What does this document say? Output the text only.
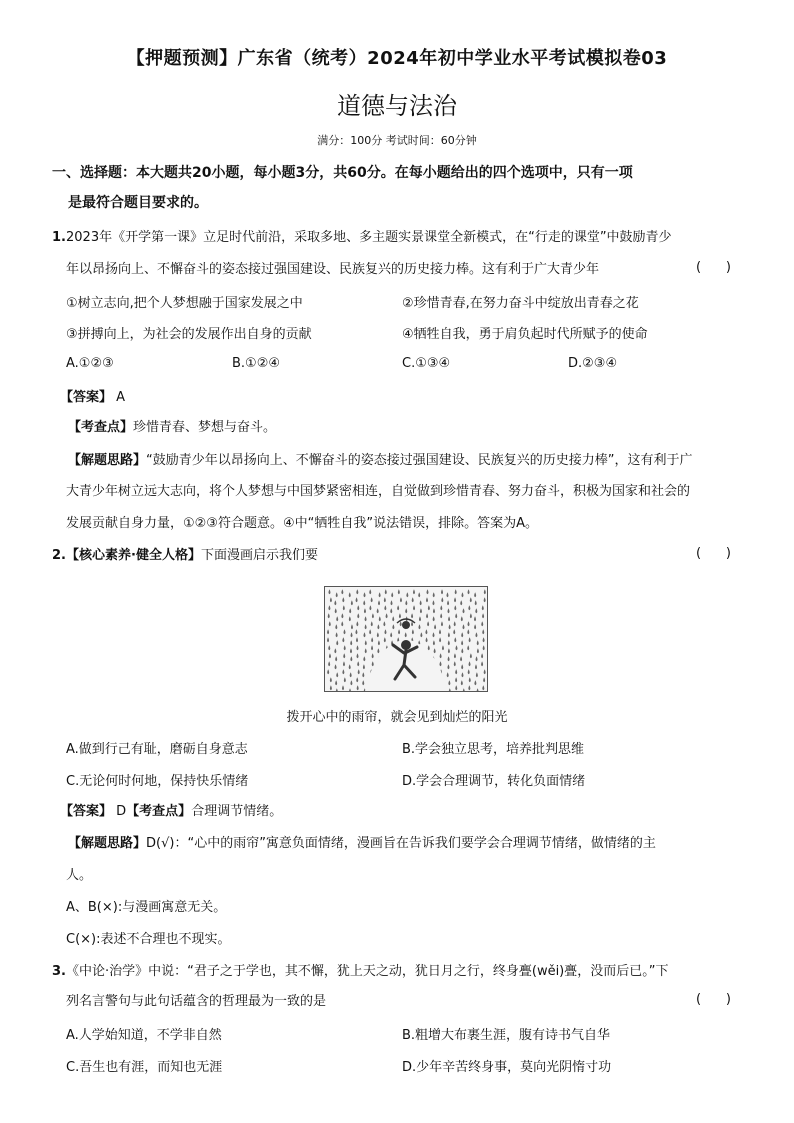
【押题预测】广东省（统考）2024年初中学业水平考试模拟卷03
道德与法治
满分：100分 考试时间：60分钟
一、选择题：本大题共20小题，每小题3分，共60分。在每小题给出的四个选项中，只有一项
是最符合题目要求的。
1. 2023年《开学第一课》立足时代前沿，采取多地、多主题实景课堂全新模式，在“行走的课堂”中鼓励青少
年以昂扬向上、不懈奋斗的姿态接过强国建设、民族复兴的历史接力棒。这有利于广大青少年	(      )
①树立志向,把个人梦想融于国家发展之中	②珍惜青春,在努力奋斗中绽放出青春之花
③拼搏向上，为社会的发展作出自身的贡献	④牺牲自我，勇于肩负起时代所赋予的使命
A.①②③	B.①②④	C.①③④	D.②③④
【答案】 A
【考查点】珍惜青春、梦想与奋斗。
【解题思路】“鼓励青少年以昂扬向上、不懈奋斗的姿态接过强国建设、民族复兴的历史接力棒”，这有利于广
大青少年树立远大志向，将个人梦想与中国梦紧密相连，自觉做到珍惜青春、努力奋斗，积极为国家和社会的
发展贡献自身力量，①②③符合题意。④中“牺牲自我”说法错误，排除。答案为A。
2. 【核心素养·健全人格】下面漫画启示我们要	(      )
拨开心中的雨帘，就会见到灿烂的阳光
A.做到行己有耻，磨砺自身意志	B.学会独立思考，培养批判思维
C.无论何时何地，保持快乐情绪	D.学会合理调节，转化负面情绪
【答案】 D【考查点】合理调节情绪。
【解题思路】D(√)：“心中的雨帘”寓意负面情绪，漫画旨在告诉我们要学会合理调节情绪，做情绪的主
人。
A、B(×):与漫画寓意无关。
C(×):表述不合理也不现实。
3. 《中论·治学》中说：“君子之于学也，其不懈，犹上天之动，犹日月之行，终身亹(wěi)亹，没而后已。”下
列名言警句与此句话蕴含的哲理最为一致的是	(      )
A.人学始知道，不学非自然	B.粗增大布裹生涯，腹有诗书气自华
C.吾生也有涯，而知也无涯	D.少年辛苦终身事，莫向光阴惰寸功
